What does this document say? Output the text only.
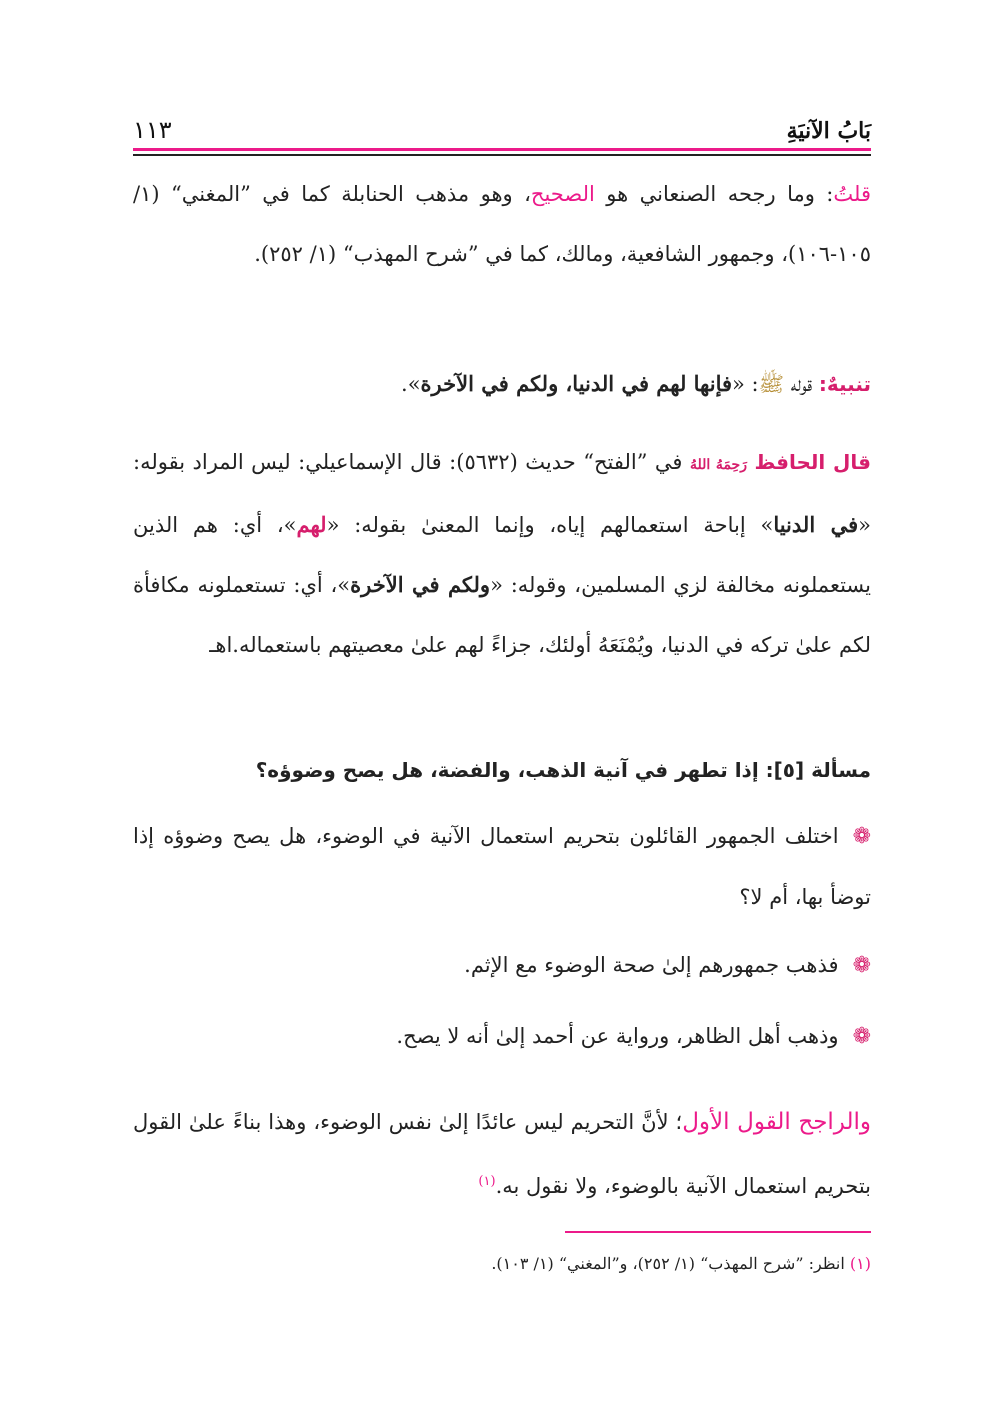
بَابُ الآنيَةِ
١١٣
قلتُ: وما رجحه الصنعاني هو الصحيح، وهو مذهب الحنابلة كما في ”المغني“ (١/ ١٠٥-١٠٦)، وجمهور الشافعية، ومالك، كما في ”شرح المهذب“ (١/ ٢٥٢).
تنبيهٌ: قوله ﷺ: «فإنها لهم في الدنيا، ولكم في الآخرة».
قال الحافظ رَحِمَهُ اللهُ في ”الفتح“ حديث (٥٦٣٢): قال الإسماعيلي: ليس المراد بقوله: «في الدنيا» إباحة استعمالهم إياه، وإنما المعنىٰ بقوله: «لهم»، أي: هم الذين يستعملونه مخالفة لزي المسلمين، وقوله: «ولكم في الآخرة»، أي: تستعملونه مكافأة لكم علىٰ تركه في الدنيا، ويُمْنَعَهُ أولئك، جزاءً لهم علىٰ معصيتهم باستعماله.اهـ
مسألة [٥]: إذا تطهر في آنية الذهب، والفضة، هل يصح وضوؤه؟
❁اختلف الجمهور القائلون بتحريم استعمال الآنية في الوضوء، هل يصح وضوؤه إذا توضأ بها، أم لا؟
❁فذهب جمهورهم إلىٰ صحة الوضوء مع الإثم.
❁وذهب أهل الظاهر، ورواية عن أحمد إلىٰ أنه لا يصح.
والراجح القول الأول؛ لأنَّ التحريم ليس عائدًا إلىٰ نفس الوضوء، وهذا بناءً علىٰ القول بتحريم استعمال الآنية بالوضوء، ولا نقول به.$^{(١)}$
(١) انظر: ”شرح المهذب“ (١/ ٢٥٢)، و”المغني“ (١/ ١٠٣).
